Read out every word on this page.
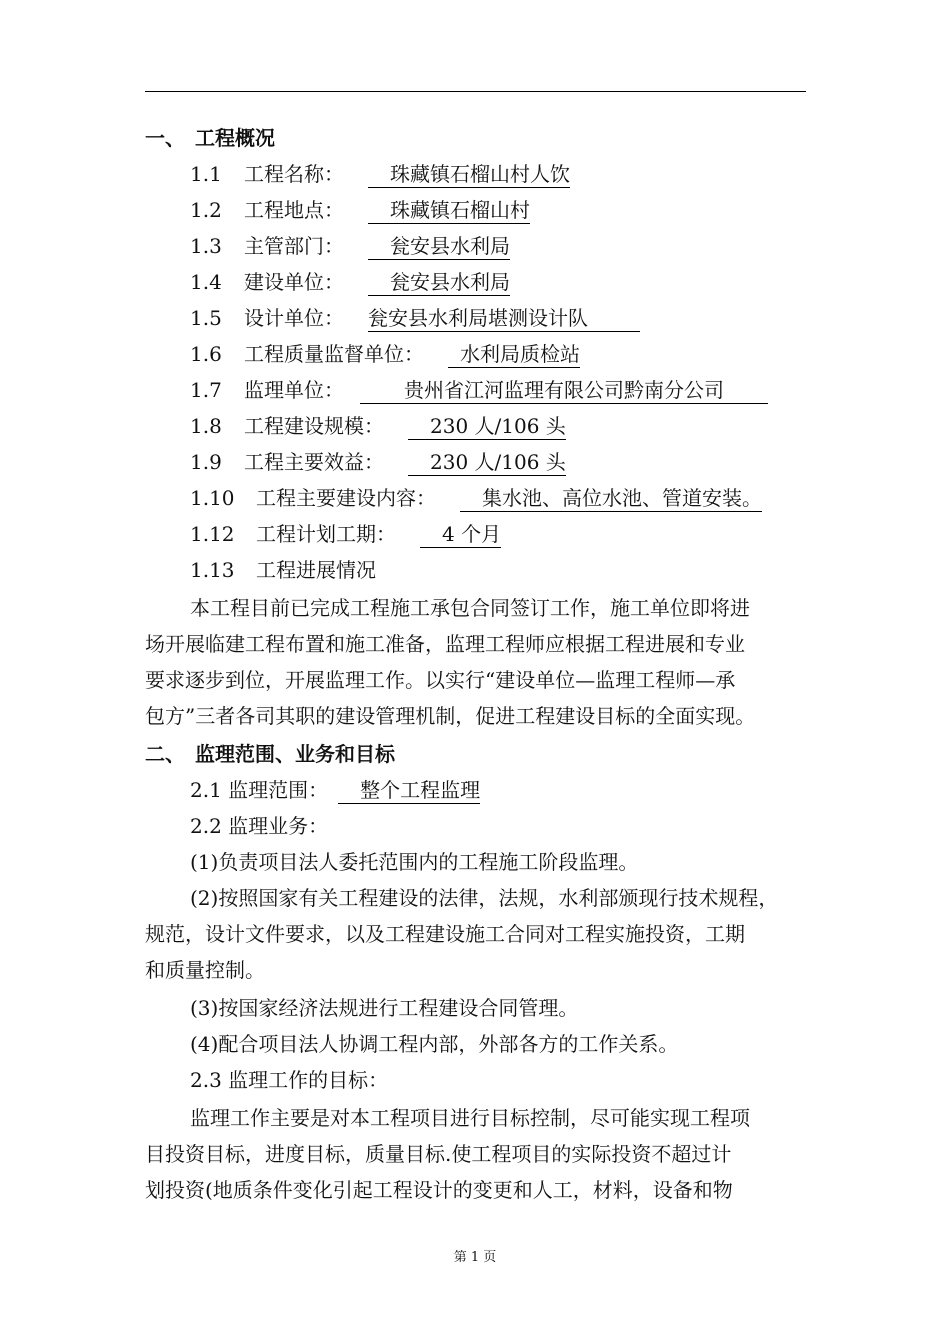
一、　工程概况
1.1 工程名称： 珠藏镇石榴山村人饮
1.2 工程地点： 珠藏镇石榴山村
1.3 主管部门： 瓮安县水利局
1.4 建设单位： 瓮安县水利局
1.5 设计单位： 瓮安县水利局堪测设计队
1.6 工程质量监督单位： 水利局质检站
1.7 监理单位：	贵州省江河监理有限公司黔南分公司
1.8 工程建设规模： 230 人/106 头
1.9 工程主要效益： 230 人/106 头
1.10 工程主要建设内容： 集水池、高位水池、管道安装。
1.12 工程计划工期： 4 个月
1.13 工程进展情况
本工程目前已完成工程施工承包合同签订工作，施工单位即将进
场开展临建工程布置和施工准备，监理工程师应根据工程进展和专业
要求逐步到位，开展监理工作。以实行“建设单位—监理工程师—承
包方”三者各司其职的建设管理机制，促进工程建设目标的全面实现。
二、　监理范围、业务和目标
2.1 监理范围： 整个工程监理
2.2 监理业务：
(1)负责项目法人委托范围内的工程施工阶段监理。
(2)按照国家有关工程建设的法律，法规，水利部颁现行技术规程，
规范，设计文件要求，以及工程建设施工合同对工程实施投资，工期
和质量控制。
(3)按国家经济法规进行工程建设合同管理。
(4)配合项目法人协调工程内部，外部各方的工作关系。
2.3 监理工作的目标：
监理工作主要是对本工程项目进行目标控制，尽可能实现工程项
目投资目标，进度目标，质量目标.使工程项目的实际投资不超过计
划投资(地质条件变化引起工程设计的变更和人工，材料，设备和物
第 1 页
